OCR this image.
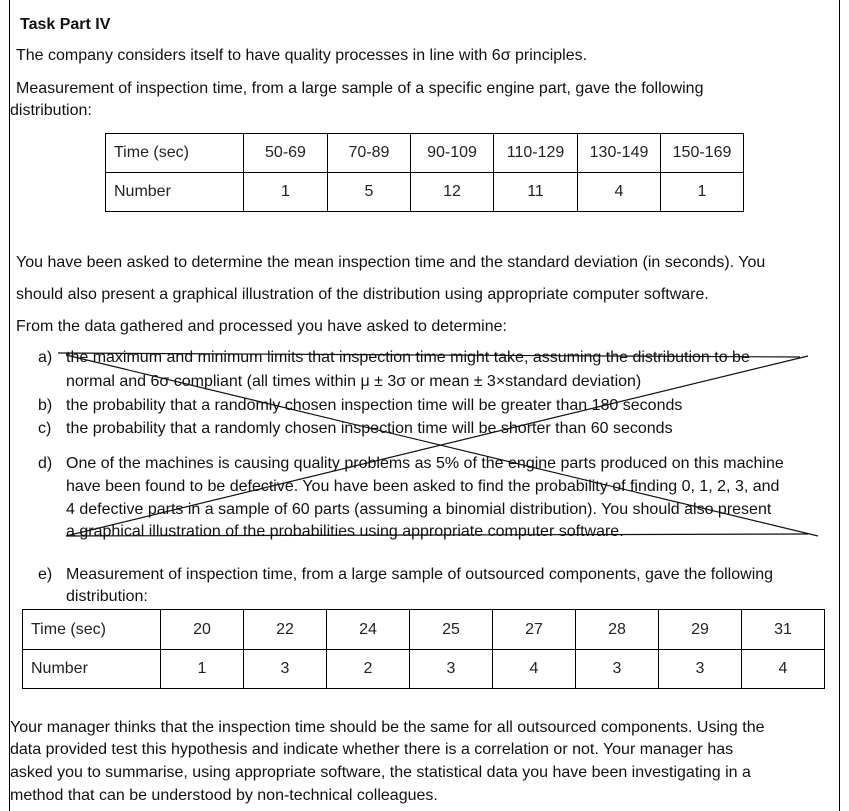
Task Part IV
The company considers itself to have quality processes in line with 6σ principles.
Measurement of inspection time, from a large sample of a specific engine part, gave the following
distribution:
Time (sec)	50-69	70-89	90-109	110-129	130-149	150-169
Number	1	5	12	11	4	1
You have been asked to determine the mean inspection time and the standard deviation (in seconds). You
should also present a graphical illustration of the distribution using appropriate computer software.
From the data gathered and processed you have asked to determine:
a) the maximum and minimum limits that inspection time might take, assuming the distribution to be
normal and 6σ compliant (all times within μ ± 3σ or mean ± 3×standard deviation)
b) the probability that a randomly chosen inspection time will be greater than 180 seconds
c) the probability that a randomly chosen inspection time will be shorter than 60 seconds
d) One of the machines is causing quality problems as 5% of the engine parts produced on this machine
have been found to be defective. You have been asked to find the probability of finding 0, 1, 2, 3, and
4 defective parts in a sample of 60 parts (assuming a binomial distribution). You should also present
a graphical illustration of the probabilities using appropriate computer software.
e) Measurement of inspection time, from a large sample of outsourced components, gave the following
distribution:
Time (sec)	20	22	24	25	27	28	29	31
Number	1	3	2	3	4	3	3	4
Your manager thinks that the inspection time should be the same for all outsourced components. Using the
data provided test this hypothesis and indicate whether there is a correlation or not. Your manager has
asked you to summarise, using appropriate software, the statistical data you have been investigating in a
method that can be understood by non-technical colleagues.
